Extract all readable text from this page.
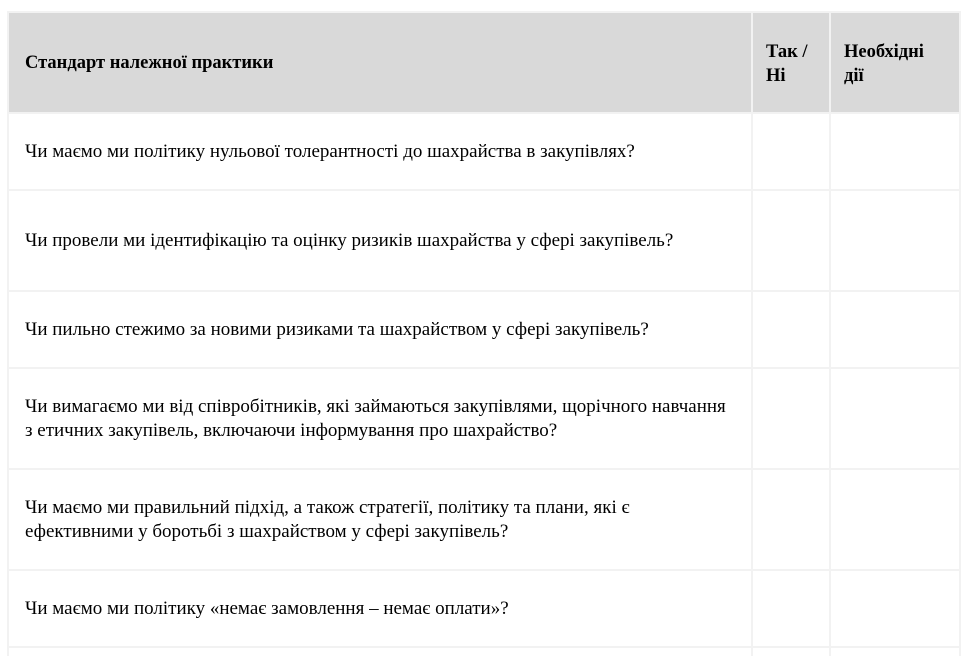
Стандарт належної практики	Так / Ні	Необхідні дії
Чи маємо ми політику нульової толерантності до шахрайства в закупівлях?		
Чи провели ми ідентифікацію та оцінку ризиків шахрайства у сфері закупівель?		
Чи пильно стежимо за новими ризиками та шахрайством у сфері закупівель?		
Чи вимагаємо ми від співробітників, які займаються закупівлями, щорічного навчання з етичних закупівель, включаючи інформування про шахрайство?		
Чи маємо ми правильний підхід, а також стратегії, політику та плани, які є ефективними у боротьбі з шахрайством у сфері закупівель?		
Чи маємо ми політику «немає замовлення – немає оплати»?		
